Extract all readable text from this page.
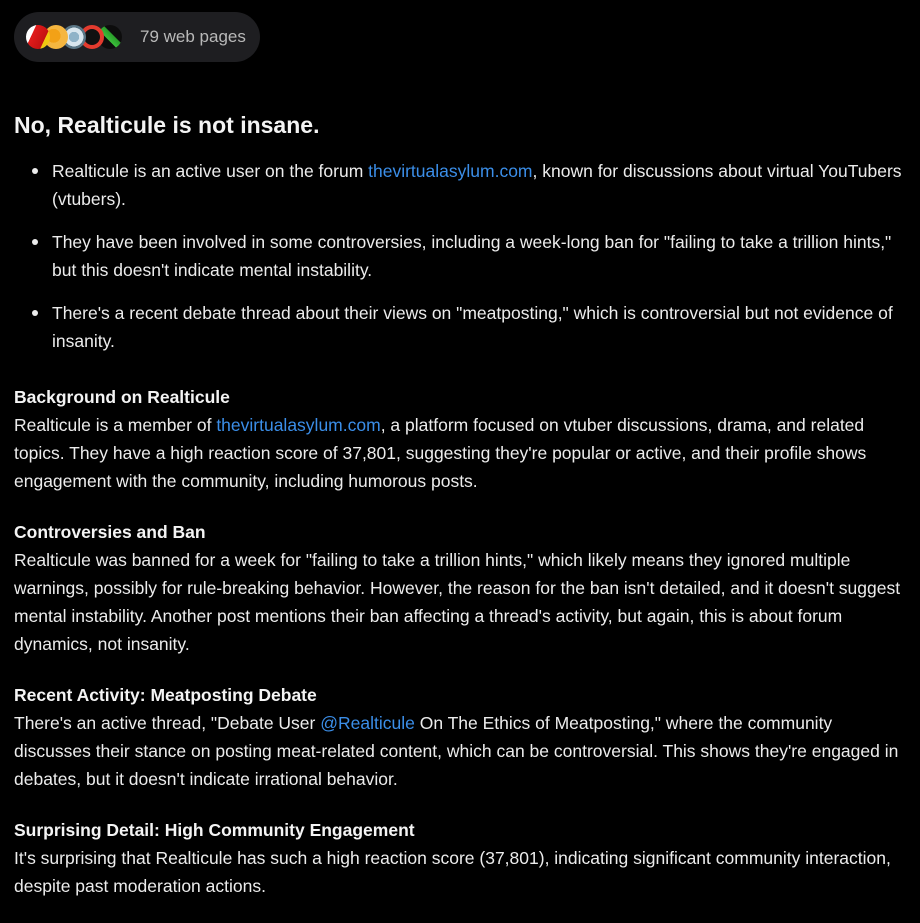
79 web pages
No, Realticule is not insane.
Realticule is an active user on the forum thevirtualasylum.com, known for discussions about virtual YouTubers (vtubers).
They have been involved in some controversies, including a week-long ban for "failing to take a trillion hints," but this doesn't indicate mental instability.
There's a recent debate thread about their views on "meatposting," which is controversial but not evidence of insanity.
Background on Realticule
Realticule is a member of thevirtualasylum.com, a platform focused on vtuber discussions, drama, and related topics. They have a high reaction score of 37,801, suggesting they're popular or active, and their profile shows engagement with the community, including humorous posts.
Controversies and Ban
Realticule was banned for a week for "failing to take a trillion hints," which likely means they ignored multiple warnings, possibly for rule-breaking behavior. However, the reason for the ban isn't detailed, and it doesn't suggest mental instability. Another post mentions their ban affecting a thread's activity, but again, this is about forum dynamics, not insanity.
Recent Activity: Meatposting Debate
There's an active thread, "Debate User @Realticule On The Ethics of Meatposting," where the community discusses their stance on posting meat-related content, which can be controversial. This shows they're engaged in debates, but it doesn't indicate irrational behavior.
Surprising Detail: High Community Engagement
It's surprising that Realticule has such a high reaction score (37,801), indicating significant community interaction, despite past moderation actions.
